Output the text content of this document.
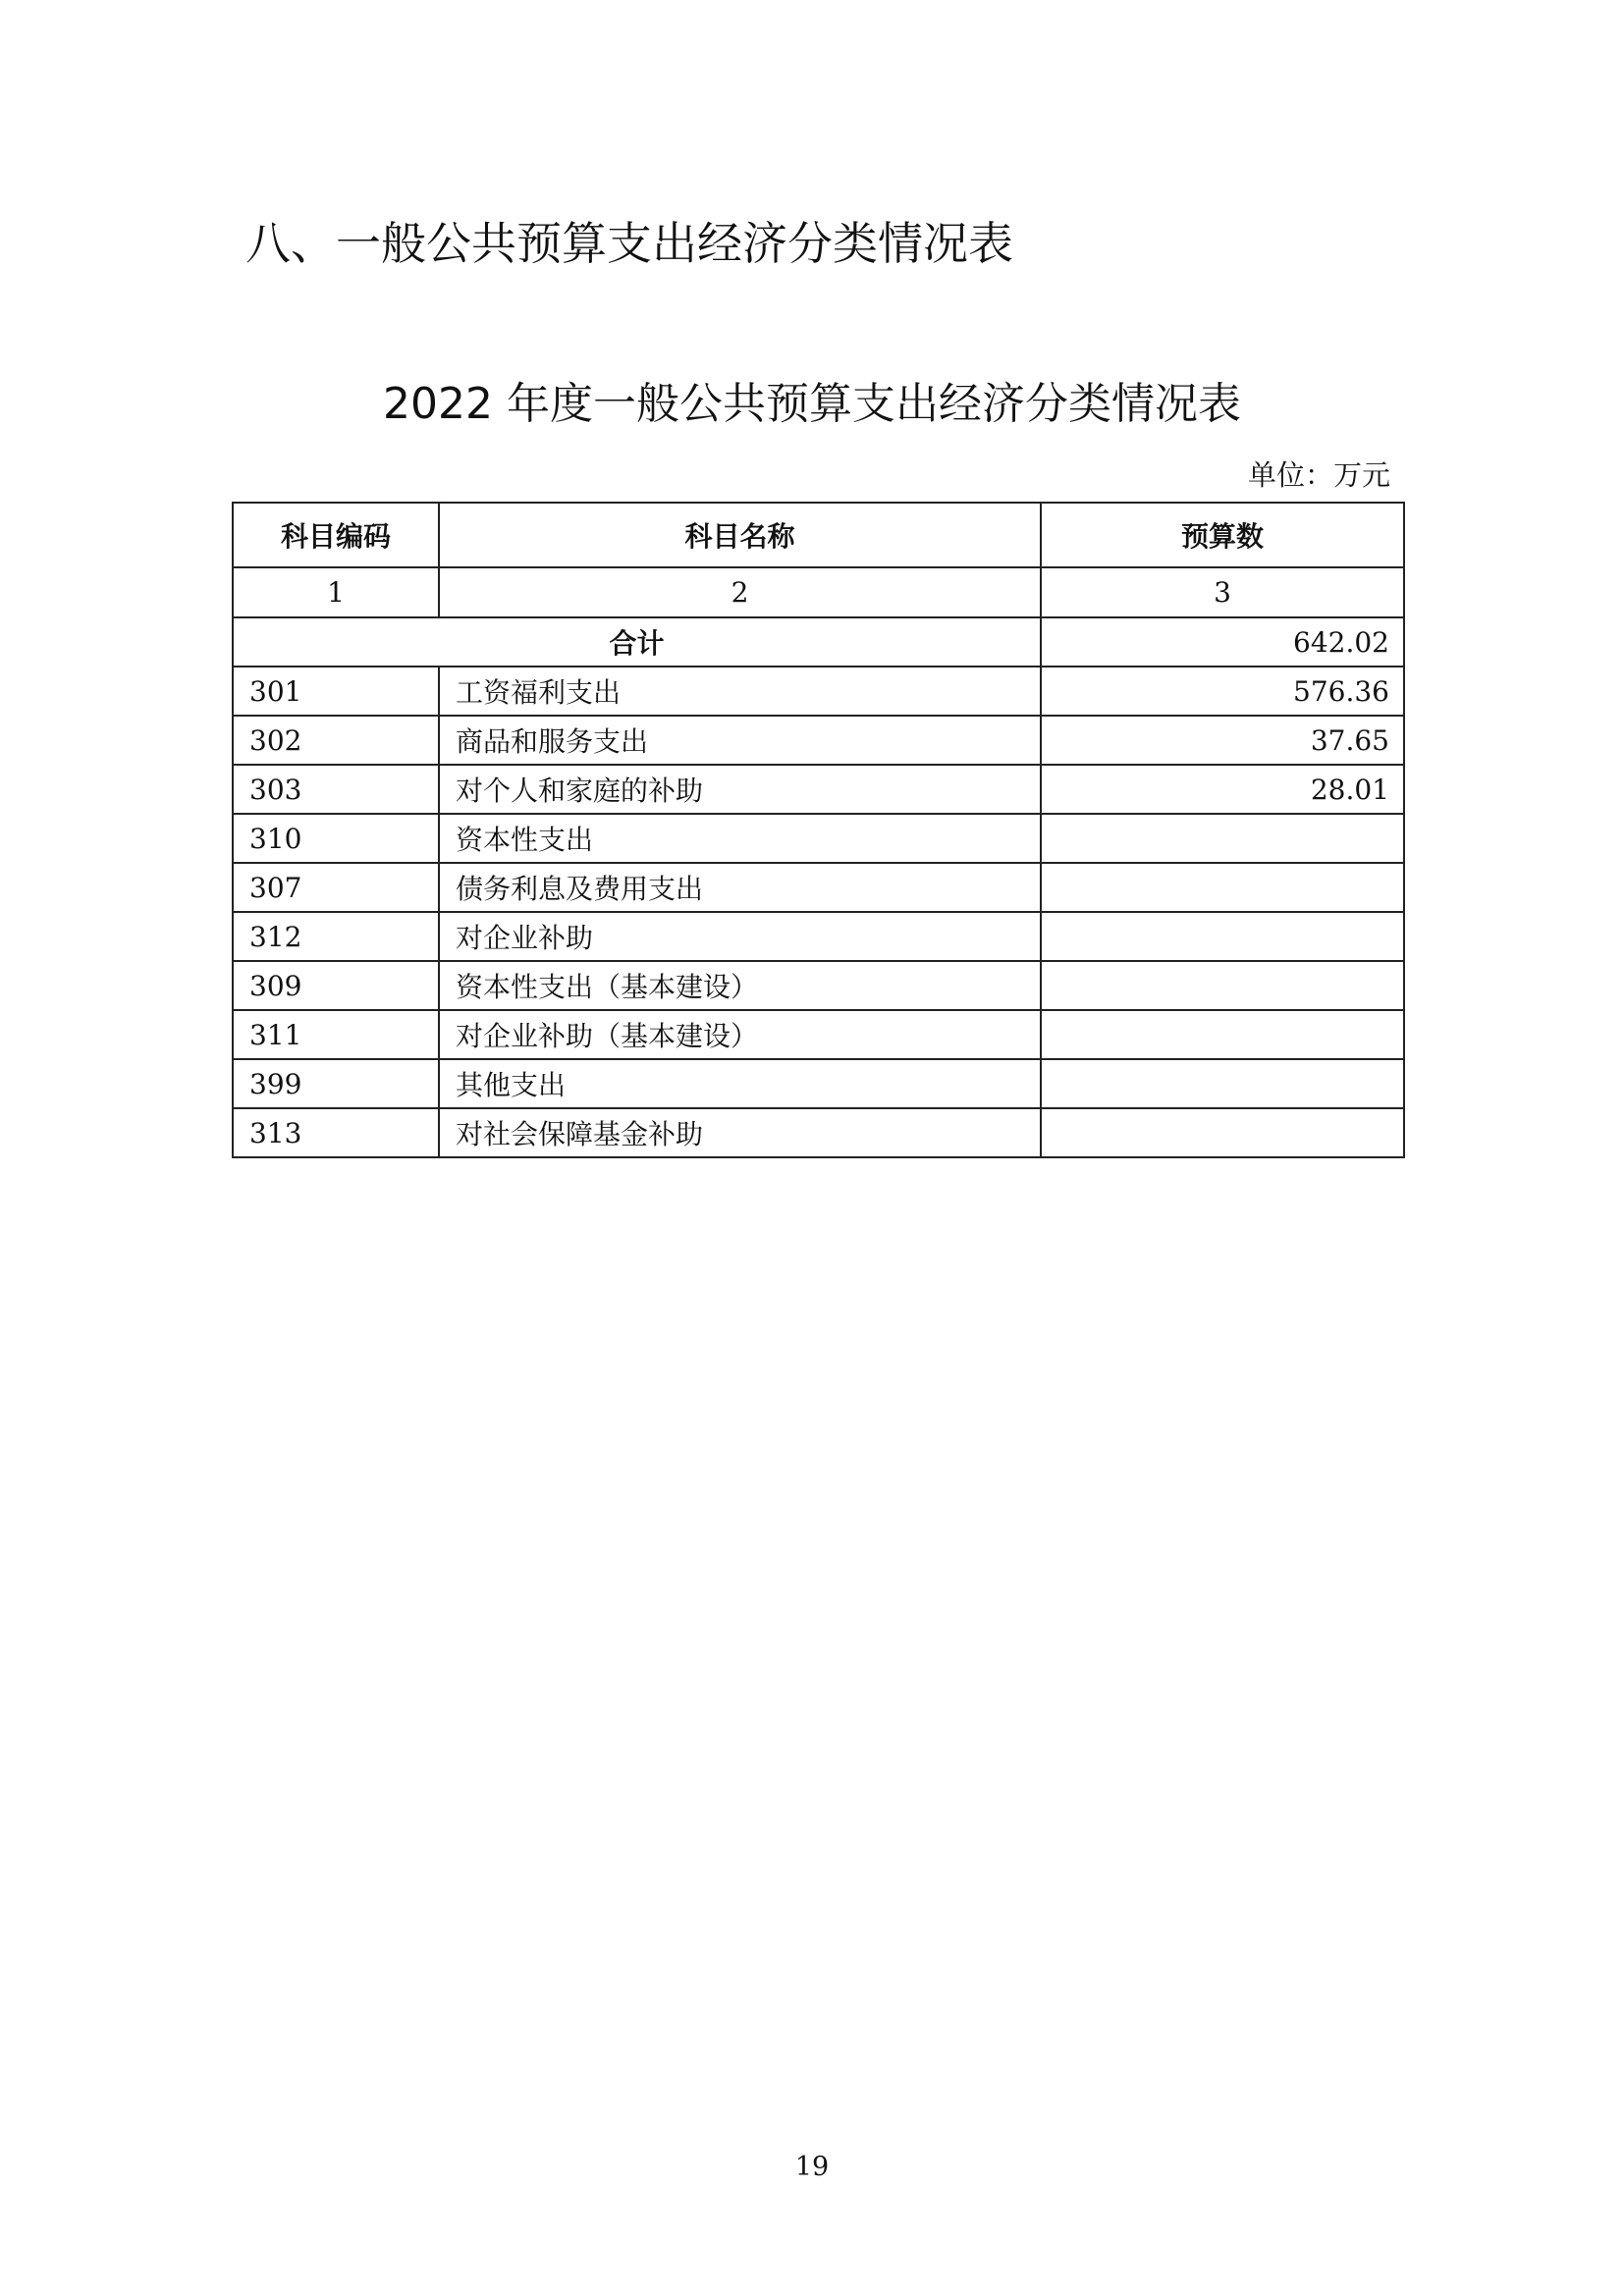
八、一般公共预算支出经济分类情况表
2022 年度一般公共预算支出经济分类情况表
单位：万元
科目编码	科目名称	预算数
1	2	3
合计		642.02
301	工资福利支出	576.36
302	商品和服务支出	37.65
303	对个人和家庭的补助	28.01
310	资本性支出	
307	债务利息及费用支出	
312	对企业补助	
309	资本性支出（基本建设）	
311	对企业补助（基本建设）	
399	其他支出	
313	对社会保障基金补助	
19
